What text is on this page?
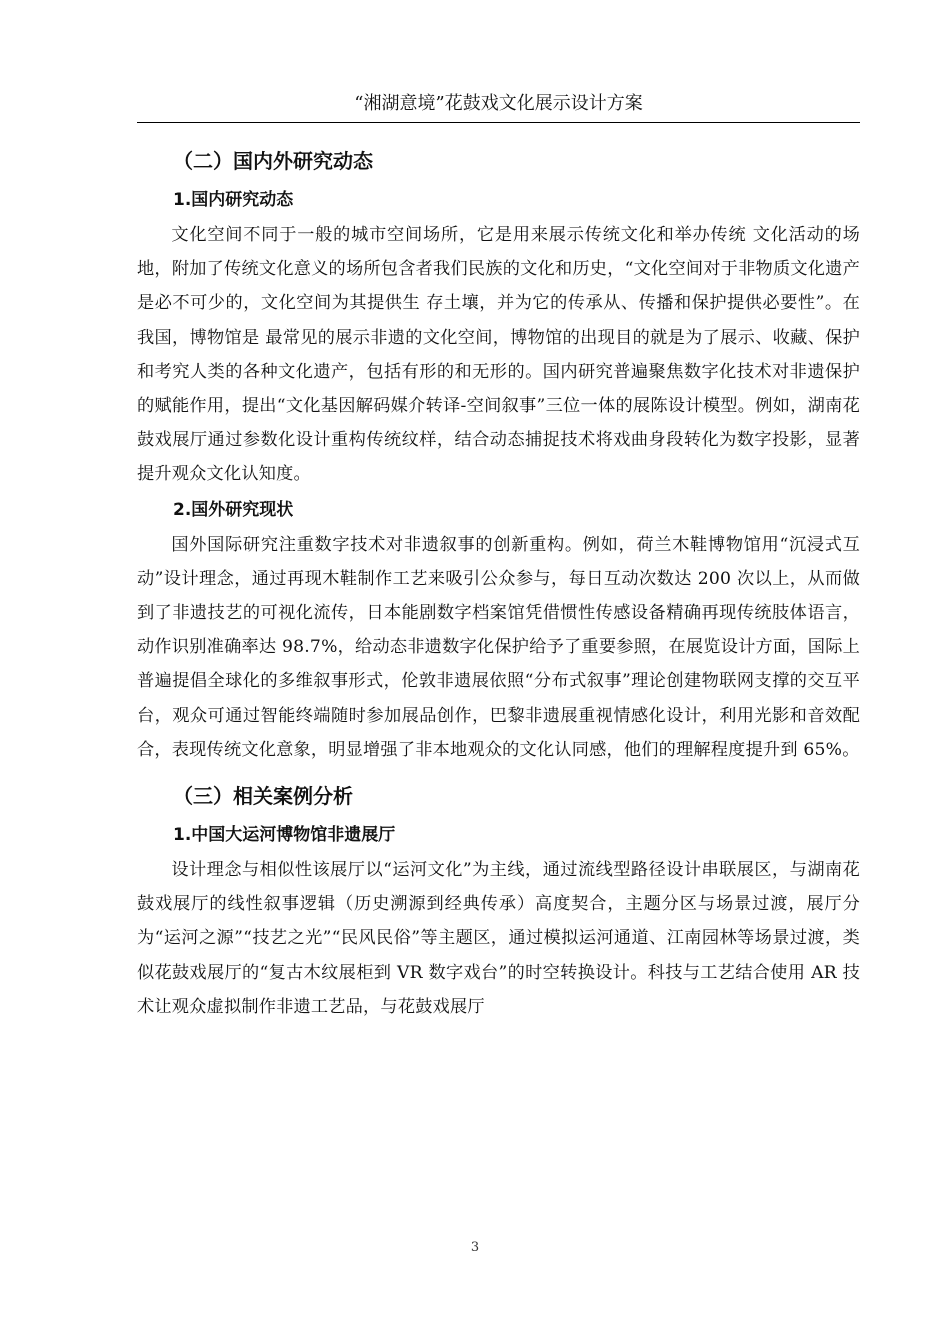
“湘湖意境”花鼓戏文化展示设计方案
（二）国内外研究动态
1.国内研究动态

文化空间不同于一般的城市空间场所，它是用来展示传统文化和举办传统 文化活动的场地，附加了传统文化意义的场所包含者我们民族的文化和历史，“文化空间对于非物质文化遗产是必不可少的，文化空间为其提供生 存土壤，并为它的传承从、传播和保护提供必要性”。在我国，博物馆是 最常见的展示非遗的文化空间，博物馆的出现目的就是为了展示、收藏、保护和考究人类的各种文化遗产，包括有形的和无形的。国内研究普遍聚焦数字化技术对非遗保护的赋能作用，提出“文化基因解码媒介转译-空间叙事”三位一体的展陈设计模型。例如，湖南花鼓戏展厅通过参数化设计重构传统纹样，结合动态捕捉技术将戏曲身段转化为数字投影，显著提升观众文化认知度。

2.国外研究现状

国外国际研究注重数字技术对非遗叙事的创新重构。例如，荷兰木鞋博物馆用“沉浸式互动”设计理念，通过再现木鞋制作工艺来吸引公众参与，每日互动次数达 200 次以上，从而做到了非遗技艺的可视化流传，日本能剧数字档案馆凭借惯性传感设备精确再现传统肢体语言，动作识别准确率达 98.7%，给动态非遗数字化保护给予了重要参照，在展览设计方面，国际上普遍提倡全球化的多维叙事形式，伦敦非遗展依照“分布式叙事”理论创建物联网支撑的交互平台，观众可通过智能终端随时参加展品创作，巴黎非遗展重视情感化设计，利用光影和音效配合，表现传统文化意象，明显增强了非本地观众的文化认同感，他们的理解程度提升到 65%。

（三）相关案例分析
1.中国大运河博物馆非遗展厅

设计理念与相似性该展厅以“运河文化”为主线，通过流线型路径设计串联展区，与湖南花鼓戏展厅的线性叙事逻辑（历史溯源到经典传承）高度契合，主题分区与场景过渡，展厅分为“运河之源”“技艺之光”“民风民俗”等主题区，通过模拟运河通道、江南园林等场景过渡，类似花鼓戏展厅的“复古木纹展柜到 VR 数字戏台”的时空转换设计。科技与工艺结合使用 AR 技术让观众虚拟制作非遗工艺品，与花鼓戏展厅

3
